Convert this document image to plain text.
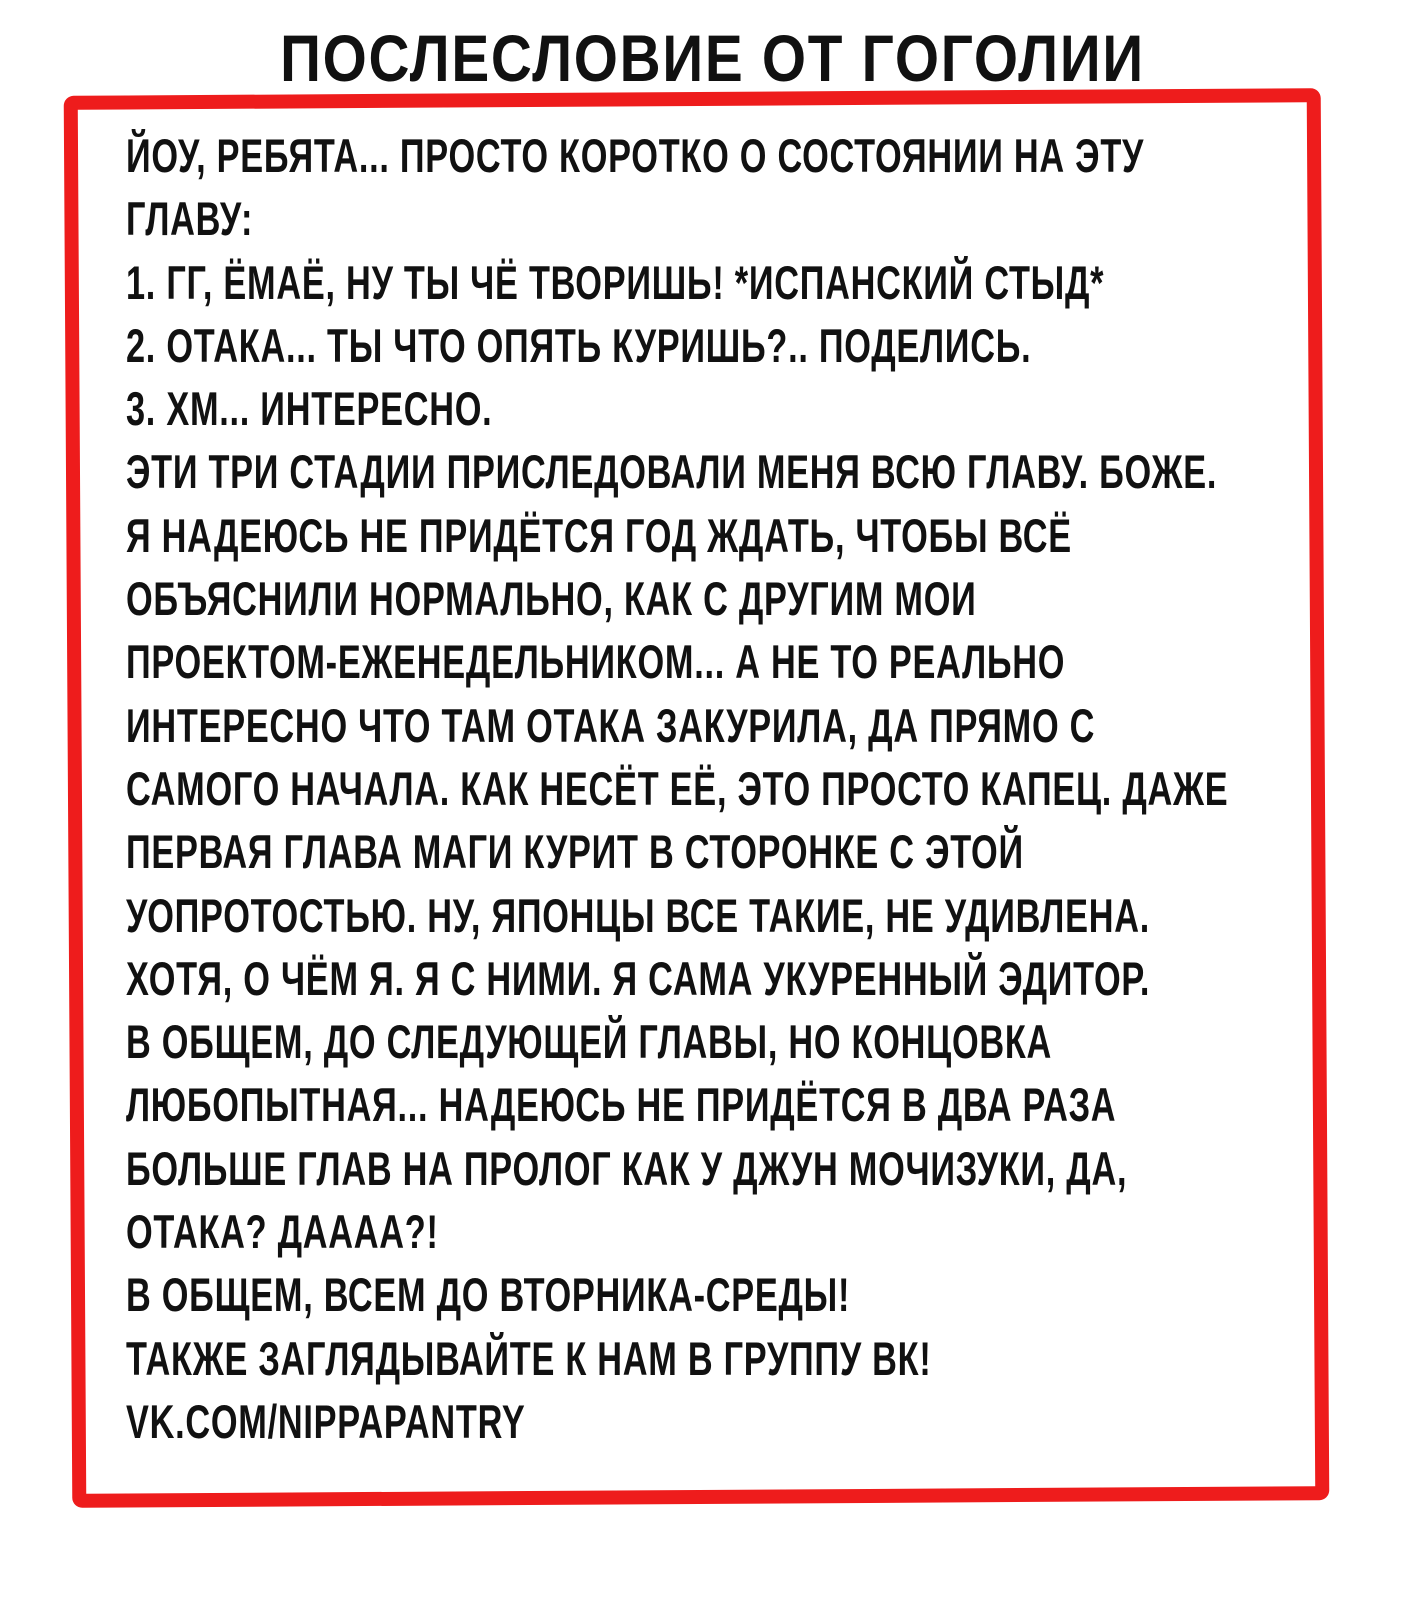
ПОСЛЕСЛОВИЕ ОТ ГОГОЛИИ
ЙОУ, РЕБЯТА... ПРОСТО КОРОТКО О СОСТОЯНИИ НА ЭТУ
ГЛАВУ:
1. ГГ, ЁМАЁ, НУ ТЫ ЧЁ ТВОРИШЬ! *ИСПАНСКИЙ СТЫД*
2. ОТАКА... ТЫ ЧТО ОПЯТЬ КУРИШЬ?.. ПОДЕЛИСЬ.
3. ХМ... ИНТЕРЕСНО.
ЭТИ ТРИ СТАДИИ ПРИСЛЕДОВАЛИ МЕНЯ ВСЮ ГЛАВУ. БОЖЕ.
Я НАДЕЮСЬ НЕ ПРИДЁТСЯ ГОД ЖДАТЬ, ЧТОБЫ ВСЁ
ОБЪЯСНИЛИ НОРМАЛЬНО, КАК С ДРУГИМ МОИ
ПРОЕКТОМ-ЕЖЕНЕДЕЛЬНИКОМ... А НЕ ТО РЕАЛЬНО
ИНТЕРЕСНО ЧТО ТАМ ОТАКА ЗАКУРИЛА, ДА ПРЯМО С
САМОГО НАЧАЛА. КАК НЕСЁТ ЕЁ, ЭТО ПРОСТО КАПЕЦ. ДАЖЕ
ПЕРВАЯ ГЛАВА МАГИ КУРИТ В СТОРОНКЕ С ЭТОЙ
УОПРОТОСТЬЮ. НУ, ЯПОНЦЫ ВСЕ ТАКИЕ, НЕ УДИВЛЕНА.
ХОТЯ, О ЧЁМ Я. Я С НИМИ. Я САМА УКУРЕННЫЙ ЭДИТОР.
В ОБЩЕМ, ДО СЛЕДУЮЩЕЙ ГЛАВЫ, НО КОНЦОВКА
ЛЮБОПЫТНАЯ... НАДЕЮСЬ НЕ ПРИДЁТСЯ В ДВА РАЗА
БОЛЬШЕ ГЛАВ НА ПРОЛОГ КАК У ДЖУН МОЧИЗУКИ, ДА,
ОТАКА? ДАААА?!
В ОБЩЕМ, ВСЕМ ДО ВТОРНИКА-СРЕДЫ!
ТАКЖЕ ЗАГЛЯДЫВАЙТЕ К НАМ В ГРУППУ ВК!
VK.COM/NIPPAPANTRY
